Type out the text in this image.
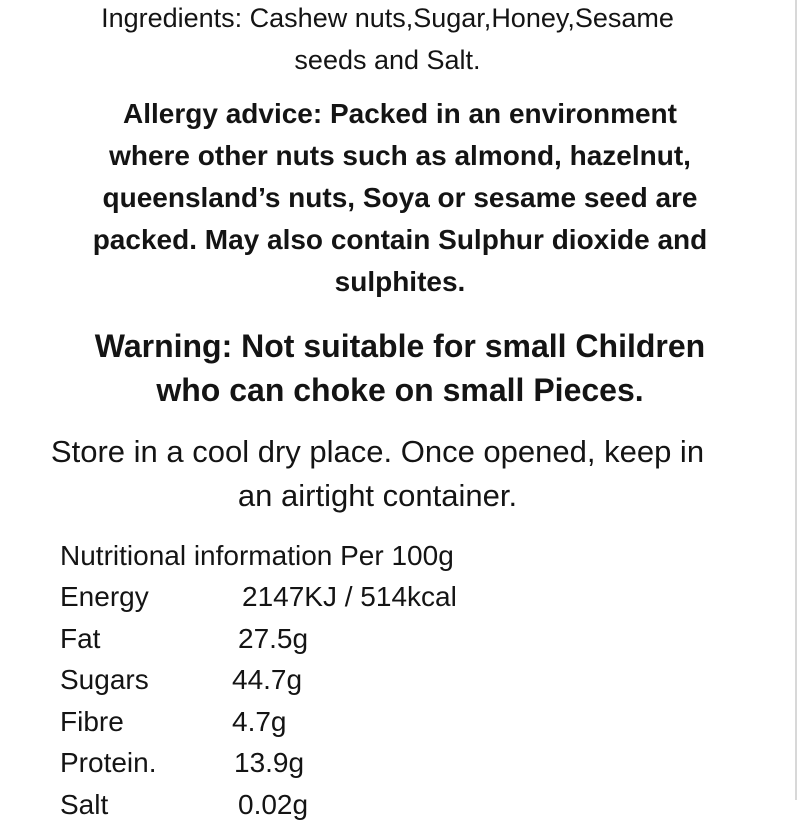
Ingredients: Cashew nuts,Sugar,Honey,Sesame
seeds and Salt.

Allergy advice: Packed in an environment
where other nuts such as almond, hazelnut,
queensland’s nuts, Soya or sesame seed are
packed. May also contain Sulphur dioxide and
sulphites.

Warning: Not suitable for small Children
who can choke on small Pieces.

Store in a cool dry place. Once opened, keep in
an airtight container.

Nutritional information Per 100g
Energy	2147KJ / 514kcal
Fat	27.5g
Sugars	44.7g
Fibre	4.7g
Protein.	13.9g
Salt	0.02g
